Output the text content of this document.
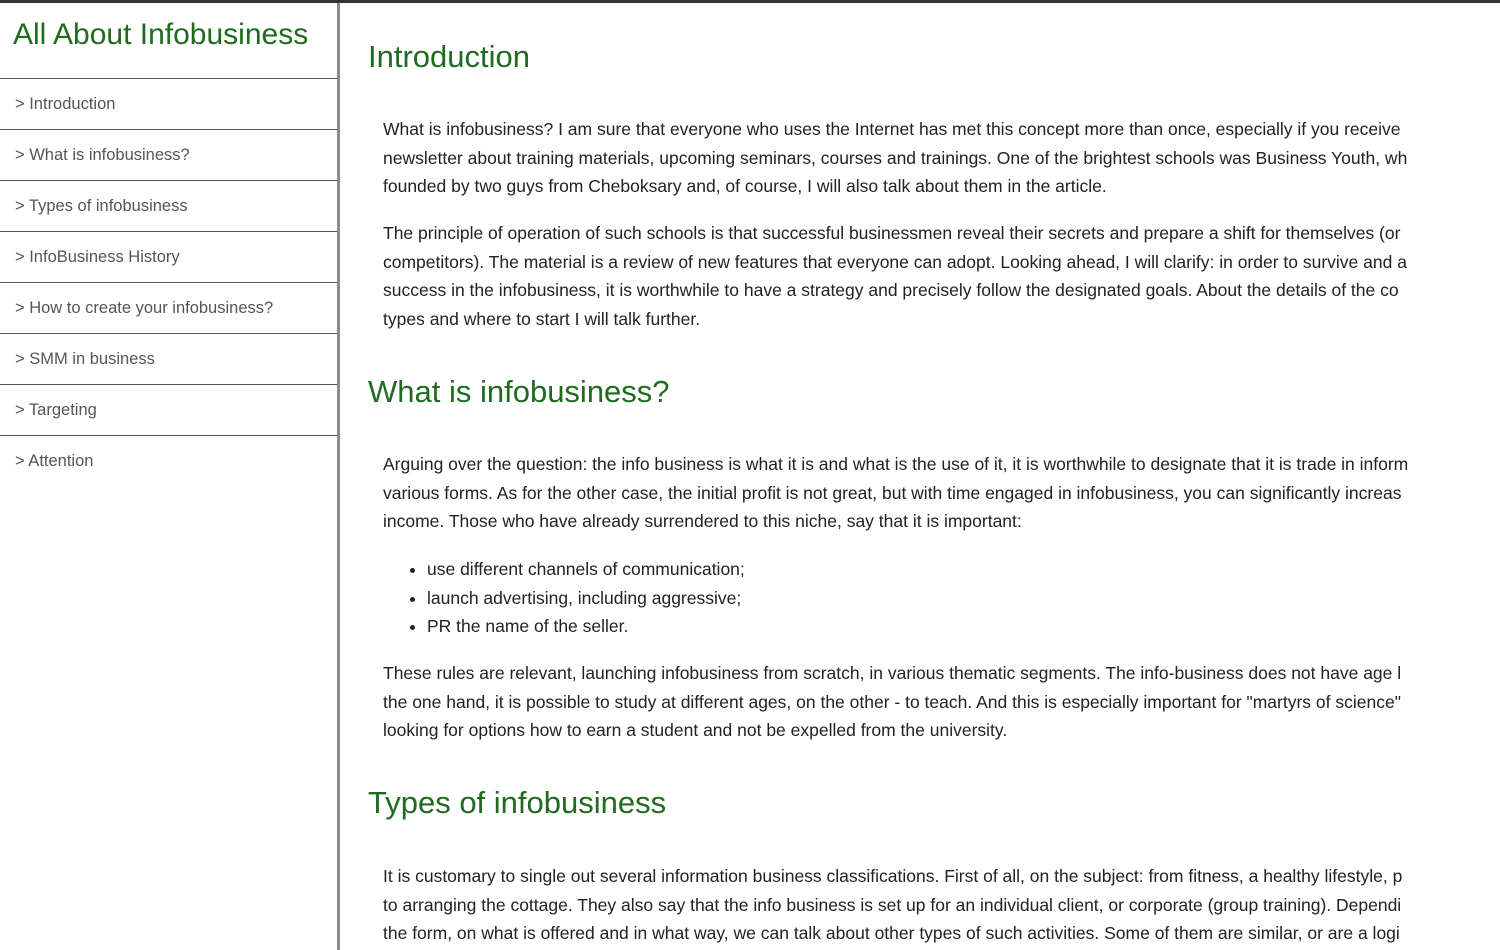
All About Infobusiness
> Introduction
> What is infobusiness?
> Types of infobusiness
> InfoBusiness History
> How to create your infobusiness?
> SMM in business
> Targeting
> Attention
Introduction

What is infobusiness? I am sure that everyone who uses the Internet has met this concept more than once, especially if you receive
newsletter about training materials, upcoming seminars, courses and trainings. One of the brightest schools was Business Youth, wh
founded by two guys from Cheboksary and, of course, I will also talk about them in the article.

The principle of operation of such schools is that successful businessmen reveal their secrets and prepare a shift for themselves (or
competitors). The material is a review of new features that everyone can adopt. Looking ahead, I will clarify: in order to survive and a
success in the infobusiness, it is worthwhile to have a strategy and precisely follow the designated goals. About the details of the co
types and where to start I will talk further.

What is infobusiness?

Arguing over the question: the info business is what it is and what is the use of it, it is worthwhile to designate that it is trade in inform
various forms. As for the other case, the initial profit is not great, but with time engaged in infobusiness, you can significantly increas
income. Those who have already surrendered to this niche, say that it is important:

• use different channels of communication;
• launch advertising, including aggressive;
• PR the name of the seller.

These rules are relevant, launching infobusiness from scratch, in various thematic segments. The info-business does not have age l
the one hand, it is possible to study at different ages, on the other - to teach. And this is especially important for "martyrs of science"
looking for options how to earn a student and not be expelled from the university.

Types of infobusiness

It is customary to single out several information business classifications. First of all, on the subject: from fitness, a healthy lifestyle, p
to arranging the cottage. They also say that the info business is set up for an individual client, or corporate (group training). Dependi
the form, on what is offered and in what way, we can talk about other types of such activities. Some of them are similar, or are a logi
